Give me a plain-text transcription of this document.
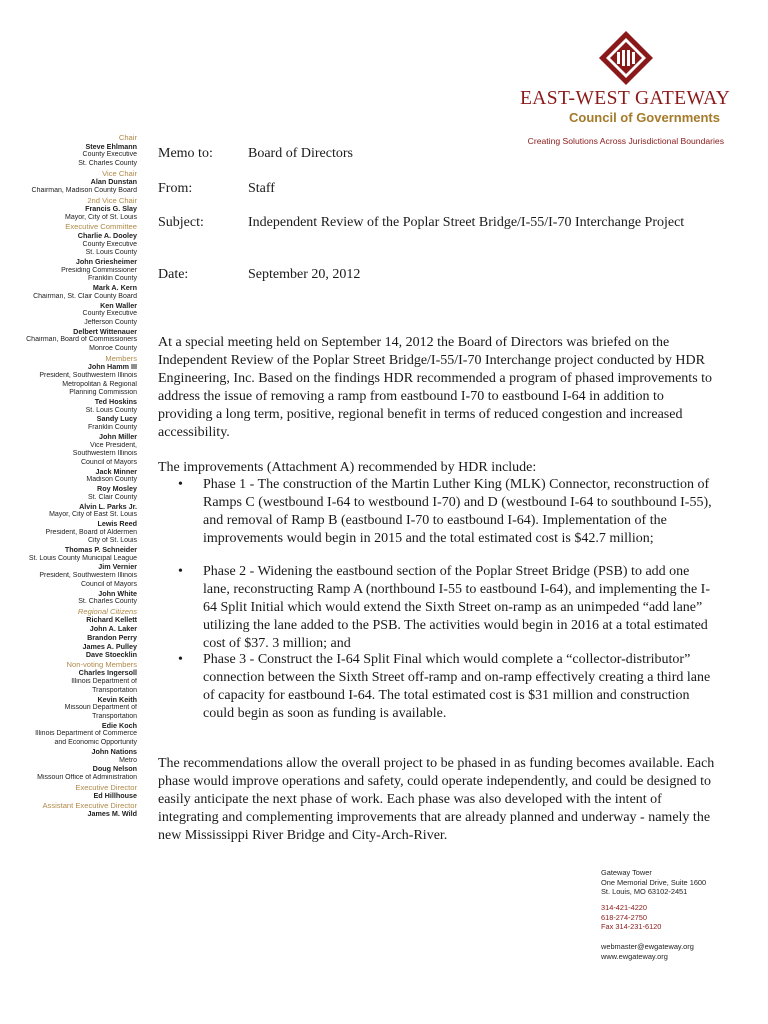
EAST-WEST GATEWAY
Council of Governments
Creating Solutions Across Jurisdictional Boundaries
Chair
Steve Ehlmann
County Executive
St. Charles County
Vice Chair
Alan Dunstan
Chairman, Madison County Board
2nd Vice Chair
Francis G. Slay
Mayor, City of St. Louis
Executive Committee
Charlie A. Dooley
County Executive
St. Louis County
John Griesheimer
Presiding Commissioner
Franklin County
Mark A. Kern
Chairman, St. Clair County Board
Ken Waller
County Executive
Jefferson County
Delbert Wittenauer
Chairman, Board of Commissioners
Monroe County
Members
John Hamm III
President, Southwestern Illinois
Metropolitan & Regional
Planning Commission
Ted Hoskins
St. Louis County
Sandy Lucy
Franklin County
John Miller
Vice President,
Southwestern Illinois
Council of Mayors
Jack Minner
Madison County
Roy Mosley
St. Clair County
Alvin L. Parks Jr.
Mayor, City of East St. Louis
Lewis Reed
President, Board of Aldermen
City of St. Louis
Thomas P. Schneider
St. Louis County Municipal League
Jim Vernier
President, Southwestern Illinois
Council of Mayors
John White
St. Charles County
Regional Citizens
Richard Kellett
John A. Laker
Brandon Perry
James A. Pulley
Dave Stoecklin
Non-voting Members
Charles Ingersoll
Illinois Department of
Transportation
Kevin Keith
Missouri Department of
Transportation
Edie Koch
Illinois Department of Commerce
and Economic Opportunity
John Nations
Metro
Doug Nelson
Missouri Office of Administration
Executive Director
Ed Hillhouse
Assistant Executive Director
James M. Wild
Memo to:	Board of Directors
From:	Staff
Subject:	Independent Review of the Poplar Street Bridge/I-55/I-70 Interchange Project
Date:	September 20, 2012
At a special meeting held on September 14, 2012 the Board of Directors was briefed on the Independent Review of the Poplar Street Bridge/I-55/I-70 Interchange project conducted by HDR Engineering, Inc. Based on the findings HDR recommended a program of phased improvements to address the issue of removing a ramp from eastbound I-70 to eastbound I-64 in addition to providing a long term, positive, regional benefit in terms of reduced congestion and increased accessibility.
The improvements (Attachment A) recommended by HDR include:
• Phase 1 - The construction of the Martin Luther King (MLK) Connector, reconstruction of Ramps C (westbound I-64 to westbound I-70) and D (westbound I-64 to southbound I-55), and removal of Ramp B (eastbound I-70 to eastbound I-64). Implementation of the improvements would begin in 2015 and the total estimated cost is $42.7 million;
• Phase 2 - Widening the eastbound section of the Poplar Street Bridge (PSB) to add one lane, reconstructing Ramp A (northbound I-55 to eastbound I-64), and implementing the I-64 Split Initial which would extend the Sixth Street on-ramp as an unimpeded “add lane” utilizing the lane added to the PSB. The activities would begin in 2016 at a total estimated cost of $37. 3 million; and
• Phase 3 - Construct the I-64 Split Final which would complete a “collector-distributor” connection between the Sixth Street off-ramp and on-ramp effectively creating a third lane of capacity for eastbound I-64. The total estimated cost is $31 million and construction could begin as soon as funding is available.
The recommendations allow the overall project to be phased in as funding becomes available. Each phase would improve operations and safety, could operate independently, and could be designed to easily anticipate the next phase of work. Each phase was also developed with the intent of integrating and complementing improvements that are already planned and underway - namely the new Mississippi River Bridge and City-Arch-River.
Gateway Tower
One Memorial Drive, Suite 1600
St. Louis, MO 63102-2451
314-421-4220
618-274-2750
Fax 314-231-6120
webmaster@ewgateway.org
www.ewgateway.org
